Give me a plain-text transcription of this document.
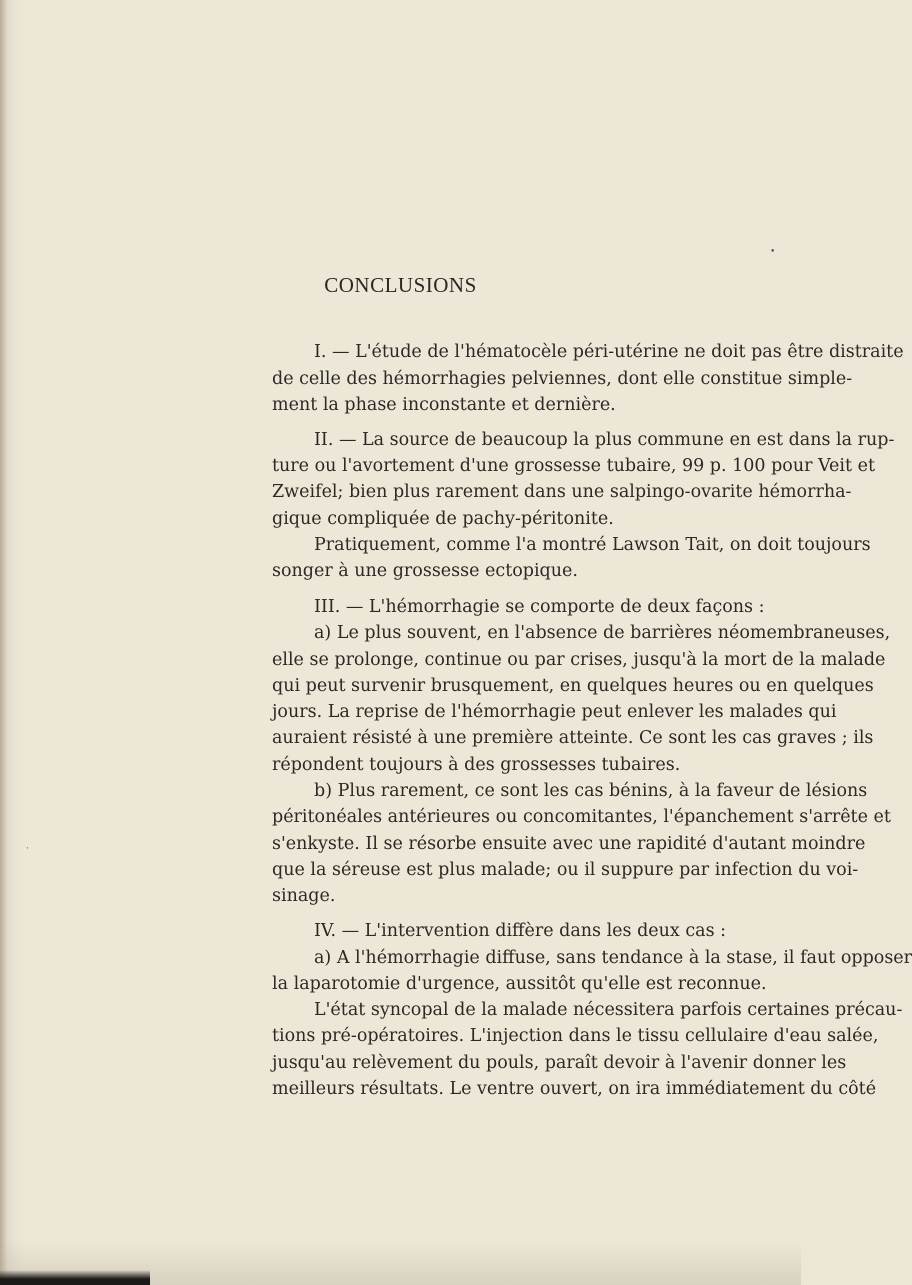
•
·
CONCLUSIONS
I. — L'étude de l'hématocèle péri-utérine ne doit pas être distraite
de celle des hémorrhagies pelviennes, dont elle constitue simple-
ment la phase inconstante et dernière.
II. — La source de beaucoup la plus commune en est dans la rup-
ture ou l'avortement d'une grossesse tubaire, 99 p. 100 pour Veit et
Zweifel; bien plus rarement dans une salpingo-ovarite hémorrha-
gique compliquée de pachy-péritonite.
Pratiquement, comme l'a montré Lawson Tait, on doit toujours
songer à une grossesse ectopique.
III. — L'hémorrhagie se comporte de deux façons :
a) Le plus souvent, en l'absence de barrières néomembraneuses,
elle se prolonge, continue ou par crises, jusqu'à la mort de la malade
qui peut survenir brusquement, en quelques heures ou en quelques
jours. La reprise de l'hémorrhagie peut enlever les malades qui
auraient résisté à une première atteinte. Ce sont les cas graves ; ils
répondent toujours à des grossesses tubaires.
b) Plus rarement, ce sont les cas bénins, à la faveur de lésions
péritonéales antérieures ou concomitantes, l'épanchement s'arrête et
s'enkyste. Il se résorbe ensuite avec une rapidité d'autant moindre
que la séreuse est plus malade; ou il suppure par infection du voi-
sinage.
IV. — L'intervention diffère dans les deux cas :
a) A l'hémorrhagie diffuse, sans tendance à la stase, il faut opposer
la laparotomie d'urgence, aussitôt qu'elle est reconnue.
L'état syncopal de la malade nécessitera parfois certaines précau-
tions pré-opératoires. L'injection dans le tissu cellulaire d'eau salée,
jusqu'au relèvement du pouls, paraît devoir à l'avenir donner les
meilleurs résultats. Le ventre ouvert, on ira immédiatement du côté
